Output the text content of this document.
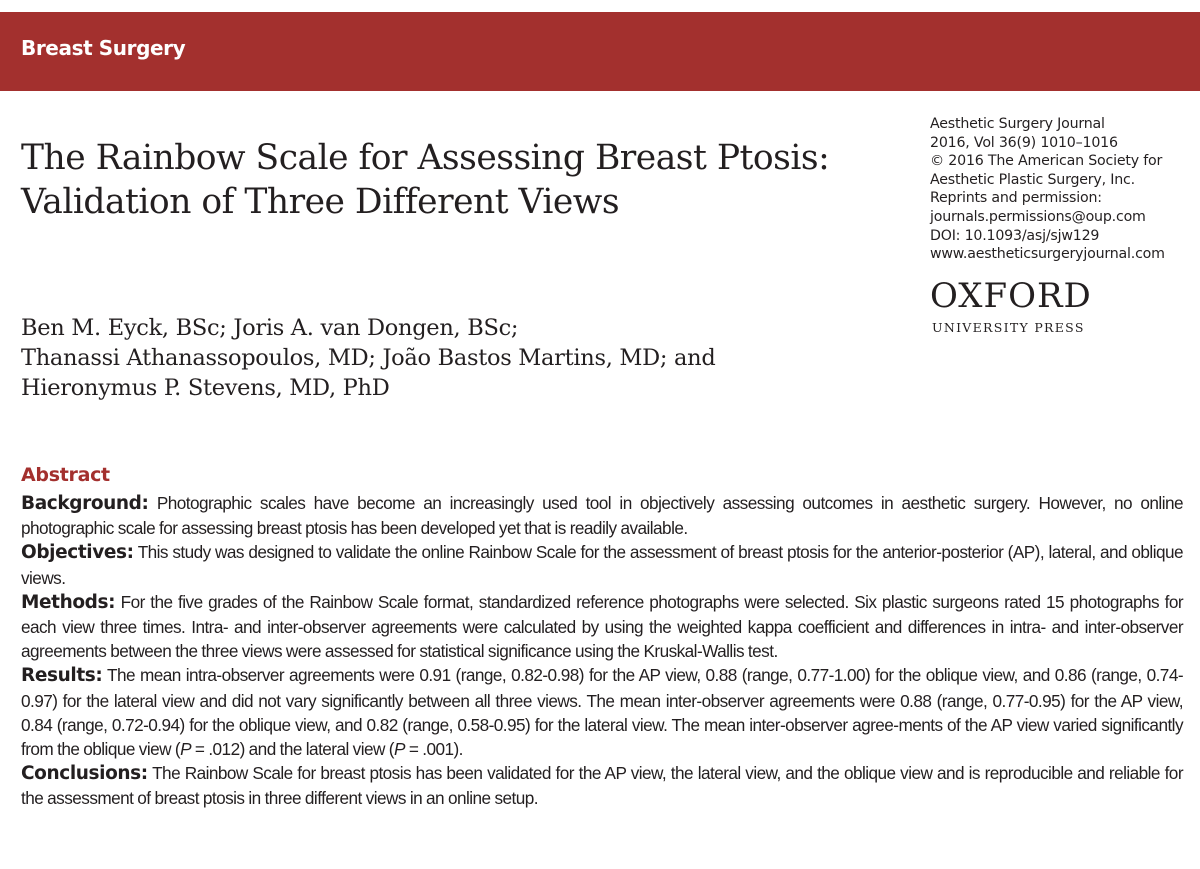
Breast Surgery
The Rainbow Scale for Assessing Breast Ptosis:
Validation of Three Different Views
Aesthetic Surgery Journal
2016, Vol 36(9) 1010–1016
© 2016 The American Society for
Aesthetic Plastic Surgery, Inc.
Reprints and permission:
journals.permissions@oup.com
DOI: 10.1093/asj/sjw129
www.aestheticsurgeryjournal.com
OXFORD
UNIVERSITY PRESS
Ben M. Eyck, BSc; Joris A. van Dongen, BSc;
Thanassi Athanassopoulos, MD; João Bastos Martins, MD; and
Hieronymus P. Stevens, MD, PhD
Abstract

Background: Photographic scales have become an increasingly used tool in objectively assessing outcomes in aesthetic surgery. However, no online photographic scale for assessing breast ptosis has been developed yet that is readily available.

Objectives: This study was designed to validate the online Rainbow Scale for the assessment of breast ptosis for the anterior-posterior (AP), lateral, and oblique views.

Methods: For the five grades of the Rainbow Scale format, standardized reference photographs were selected. Six plastic surgeons rated 15 photographs for each view three times. Intra- and inter-observer agreements were calculated by using the weighted kappa coefficient and differences in intra- and inter-observer agreements between the three views were assessed for statistical significance using the Kruskal-Wallis test.

Results: The mean intra-observer agreements were 0.91 (range, 0.82-0.98) for the AP view, 0.88 (range, 0.77-1.00) for the oblique view, and 0.86 (range, 0.74-0.97) for the lateral view and did not vary significantly between all three views. The mean inter-observer agreements were 0.88 (range, 0.77-0.95) for the AP view, 0.84 (range, 0.72-0.94) for the oblique view, and 0.82 (range, 0.58-0.95) for the lateral view. The mean inter-observer agree-ments of the AP view varied significantly from the oblique view (P = .012) and the lateral view (P = .001).

Conclusions: The Rainbow Scale for breast ptosis has been validated for the AP view, the lateral view, and the oblique view and is reproducible and reliable for the assessment of breast ptosis in three different views in an online setup.
